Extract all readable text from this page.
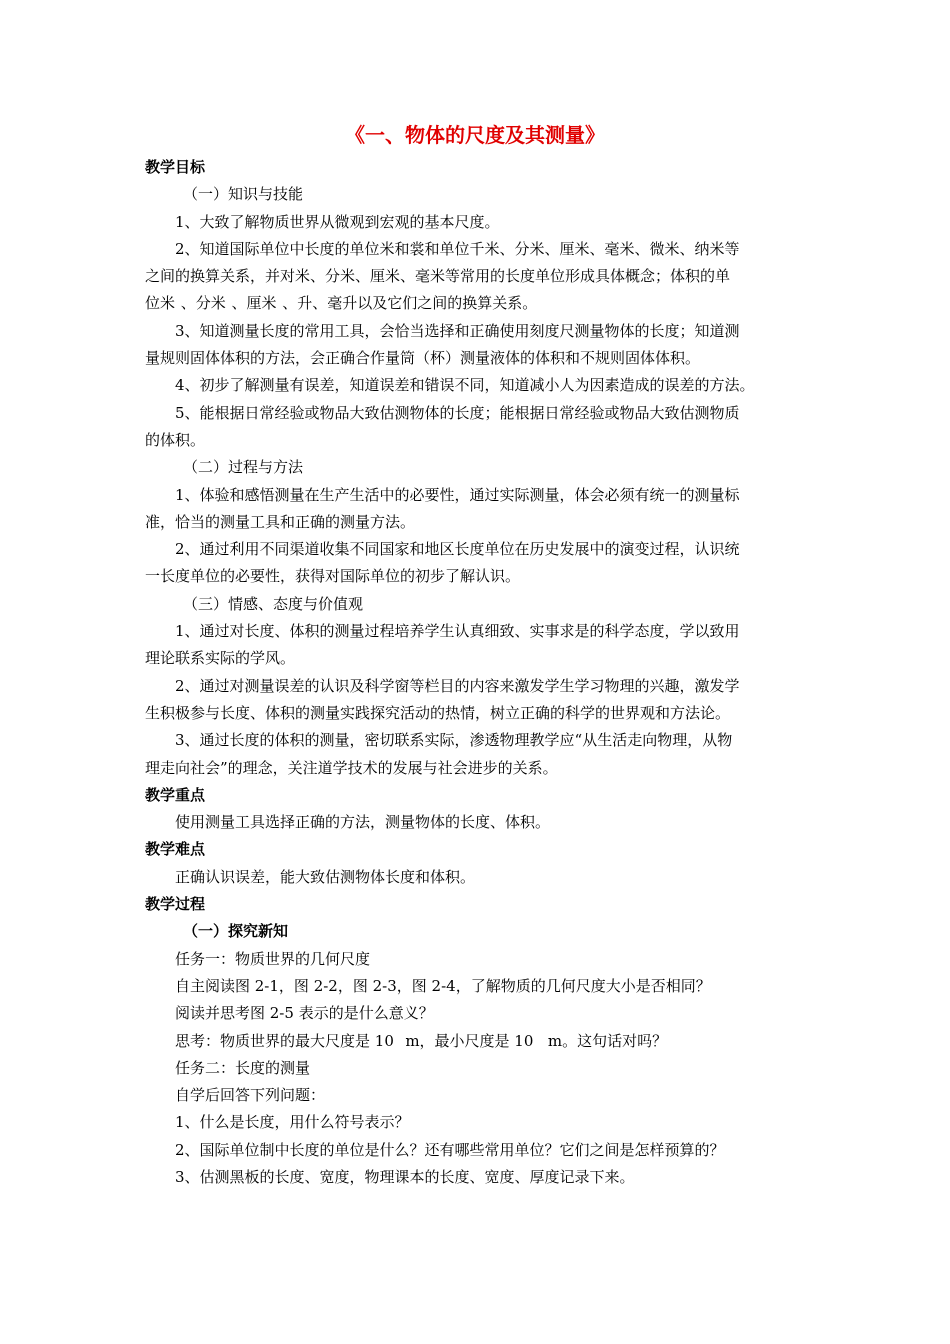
《一、物体的尺度及其测量》
教学目标
（一）知识与技能
1、大致了解物质世界从微观到宏观的基本尺度。
2、知道国际单位中长度的单位米和裳和单位千米、分米、厘米、毫米、微米、纳米等
之间的换算关系，并对米、分米、厘米、毫米等常用的长度单位形成具体概念；体积的单
位米 、分米 、厘米 、升、毫升以及它们之间的换算关系。
3、知道测量长度的常用工具，会恰当选择和正确使用刻度尺测量物体的长度；知道测
量规则固体体积的方法，会正确合作量筒（杯）测量液体的体积和不规则固体体积。
4、初步了解测量有误差，知道误差和错误不同，知道减小人为因素造成的误差的方法。
5、能根据日常经验或物品大致估测物体的长度；能根据日常经验或物品大致估测物质
的体积。
（二）过程与方法
1、体验和感悟测量在生产生活中的必要性，通过实际测量，体会必须有统一的测量标
准，恰当的测量工具和正确的测量方法。
2、通过利用不同渠道收集不同国家和地区长度单位在历史发展中的演变过程，认识统
一长度单位的必要性，获得对国际单位的初步了解认识。
（三）情感、态度与价值观
1、通过对长度、体积的测量过程培养学生认真细致、实事求是的科学态度，学以致用
理论联系实际的学风。
2、通过对测量误差的认识及科学窗等栏目的内容来激发学生学习物理的兴趣，激发学
生积极参与长度、体积的测量实践探究活动的热情，树立正确的科学的世界观和方法论。
3、通过长度的体积的测量，密切联系实际，渗透物理教学应“从生活走向物理，从物
理走向社会”的理念，关注道学技术的发展与社会进步的关系。
教学重点
使用测量工具选择正确的方法，测量物体的长度、体积。
教学难点
正确认识误差，能大致估测物体长度和体积。
教学过程
（一）探究新知
任务一：物质世界的几何尺度
自主阅读图 2-1，图 2-2，图 2-3，图 2-4，了解物质的几何尺度大小是否相同？
阅读并思考图 2-5 表示的是什么意义？
思考：物质世界的最大尺度是 10 m，最小尺度是 10 m。这句话对吗？
任务二：长度的测量
自学后回答下列问题：
1、什么是长度，用什么符号表示？
2、国际单位制中长度的单位是什么？还有哪些常用单位？它们之间是怎样预算的？
3、估测黑板的长度、宽度，物理课本的长度、宽度、厚度记录下来。
